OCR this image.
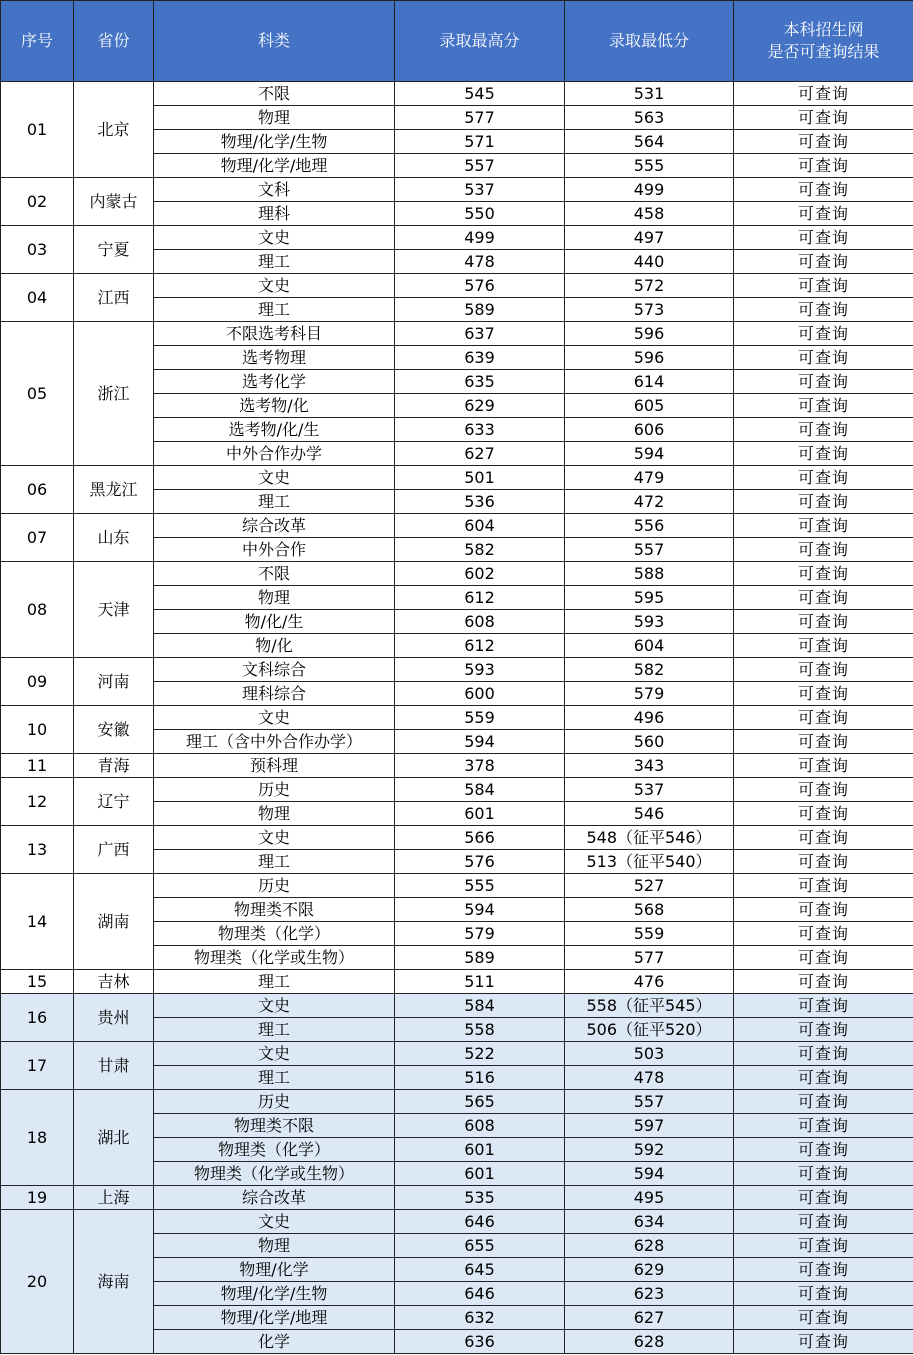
序号	省份	科类	录取最高分	录取最低分	本科招生网
是否可查询结果
01	北京	不限	545	531	可查询
		物理	577	563	可查询
		物理/化学/生物	571	564	可查询
		物理/化学/地理	557	555	可查询
02	内蒙古	文科	537	499	可查询
		理科	550	458	可查询
03	宁夏	文史	499	497	可查询
		理工	478	440	可查询
04	江西	文史	576	572	可查询
		理工	589	573	可查询
05	浙江	不限选考科目	637	596	可查询
		选考物理	639	596	可查询
		选考化学	635	614	可查询
		选考物/化	629	605	可查询
		选考物/化/生	633	606	可查询
		中外合作办学	627	594	可查询
06	黑龙江	文史	501	479	可查询
		理工	536	472	可查询
07	山东	综合改革	604	556	可查询
		中外合作	582	557	可查询
08	天津	不限	602	588	可查询
		物理	612	595	可查询
		物/化/生	608	593	可查询
		物/化	612	604	可查询
09	河南	文科综合	593	582	可查询
		理科综合	600	579	可查询
10	安徽	文史	559	496	可查询
		理工（含中外合作办学）	594	560	可查询
11	青海	预科理	378	343	可查询
12	辽宁	历史	584	537	可查询
		物理	601	546	可查询
13	广西	文史	566	548（征平546）	可查询
		理工	576	513（征平540）	可查询
14	湖南	历史	555	527	可查询
		物理类不限	594	568	可查询
		物理类（化学）	579	559	可查询
		物理类（化学或生物）	589	577	可查询
15	吉林	理工	511	476	可查询
16	贵州	文史	584	558（征平545）	可查询
		理工	558	506（征平520）	可查询
17	甘肃	文史	522	503	可查询
		理工	516	478	可查询
18	湖北	历史	565	557	可查询
		物理类不限	608	597	可查询
		物理类（化学）	601	592	可查询
		物理类（化学或生物）	601	594	可查询
19	上海	综合改革	535	495	可查询
20	海南	文史	646	634	可查询
		物理	655	628	可查询
		物理/化学	645	629	可查询
		物理/化学/生物	646	623	可查询
		物理/化学/地理	632	627	可查询
		化学	636	628	可查询
